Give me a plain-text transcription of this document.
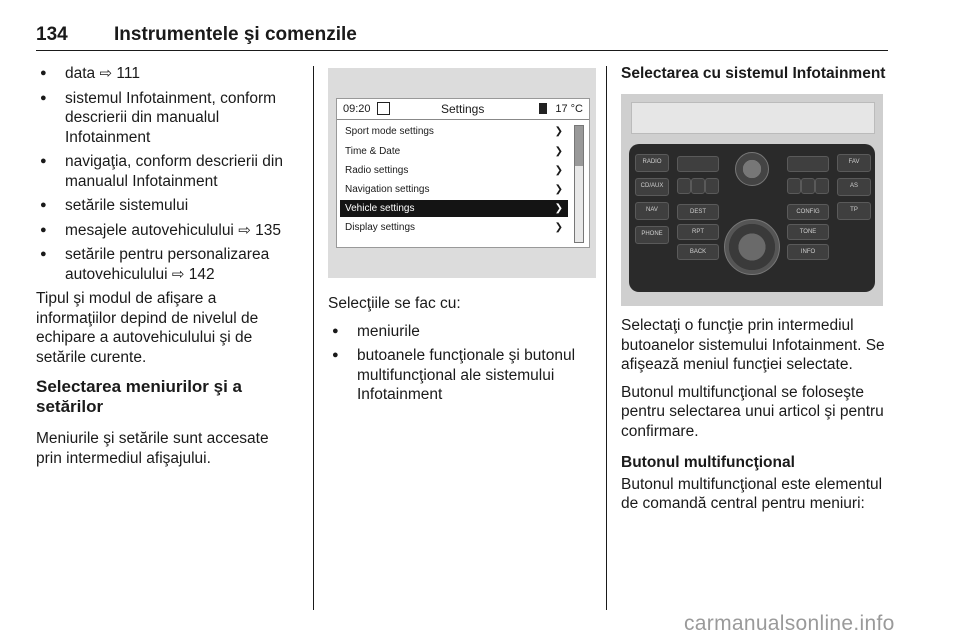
134 Instrumentele şi comenzile
● data ⇨ 111
● sistemul Infotainment, conform descrierii din manualul Infotainment
● navigaţia, conform descrierii din manualul Infotainment
● setările sistemului
● mesajele autovehiculului ⇨ 135
● setările pentru personalizarea autovehiculului ⇨ 142

Tipul şi modul de afişare a informaţiilor depind de nivelul de echipare a autovehiculului şi de setările curente.

Selectarea meniurilor şi a setărilor

Meniurile şi setările sunt accesate prin intermediul afişajului.

09:20	Settings	17 °C
Sport mode settings	❯
Time & Date	❯
Radio settings	❯
Navigation settings	❯
Vehicle settings	❯
Display settings	❯

Selecţiile se fac cu:

● meniurile
● butoanele funcţionale şi butonul multifuncţional ale sistemului Infotainment
Selectarea cu sistemul Infotainment
RADIO
CD/AUX
NAV
PHONE
FAV
AS
TP
BACK	INFO
TONE
CONFIG
DEST
RPT

Selectaţi o funcţie prin intermediul butoanelor sistemului Infotainment. Se afişează meniul funcţiei selectate.

Butonul multifuncţional se foloseşte pentru selectarea unui articol şi pentru confirmare.

Butonul multifuncţional

Butonul multifuncţional este elementul de comandă central pentru meniuri:

carmanualsonline.info
